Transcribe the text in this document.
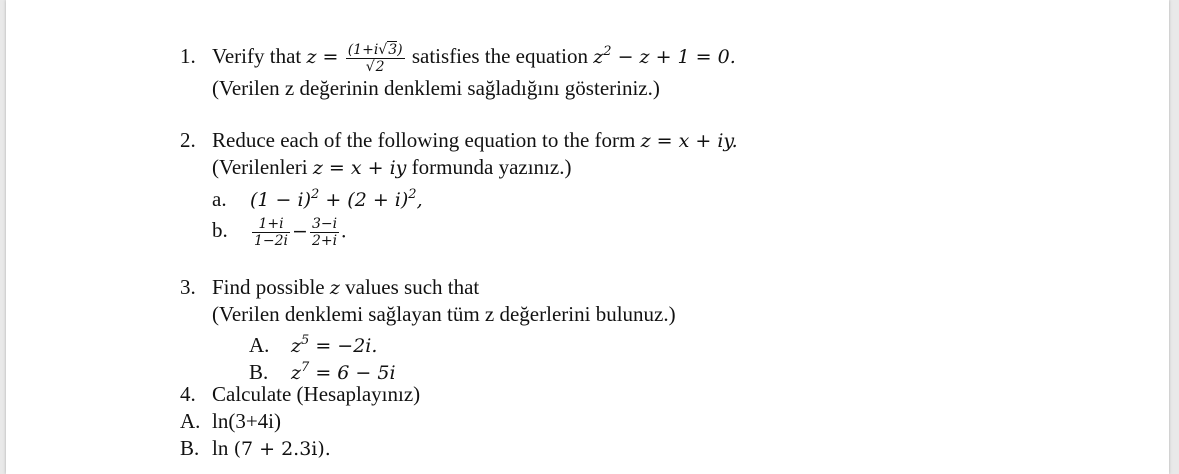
1. Verify that $z = \frac{(1+i√3)}{√2}$ satisfies the equation $z^2 - z + 1 = 0$.
(Verilen z değerinin denklemi sağladığını gösteriniz.)
2. Reduce each of the following equation to the form z = x + iy.
(Verilenleri z = x + iy formunda yazınız.)
a. $(1 - i)^2 + (2 + i)^2$,
b. $\frac{1+i}{1-2i} - \frac{3-i}{2+i}$ .
3. Find possible z values such that
(Verilen denklemi sağlayan tüm z değerlerini bulunuz.)
A. $z^5 = -2i$.
B. $z^7 = 6 - 5i$
4. Calculate (Hesaplayınız)
A. ln(3+4i)
B. ln (7 + 2.3i).
